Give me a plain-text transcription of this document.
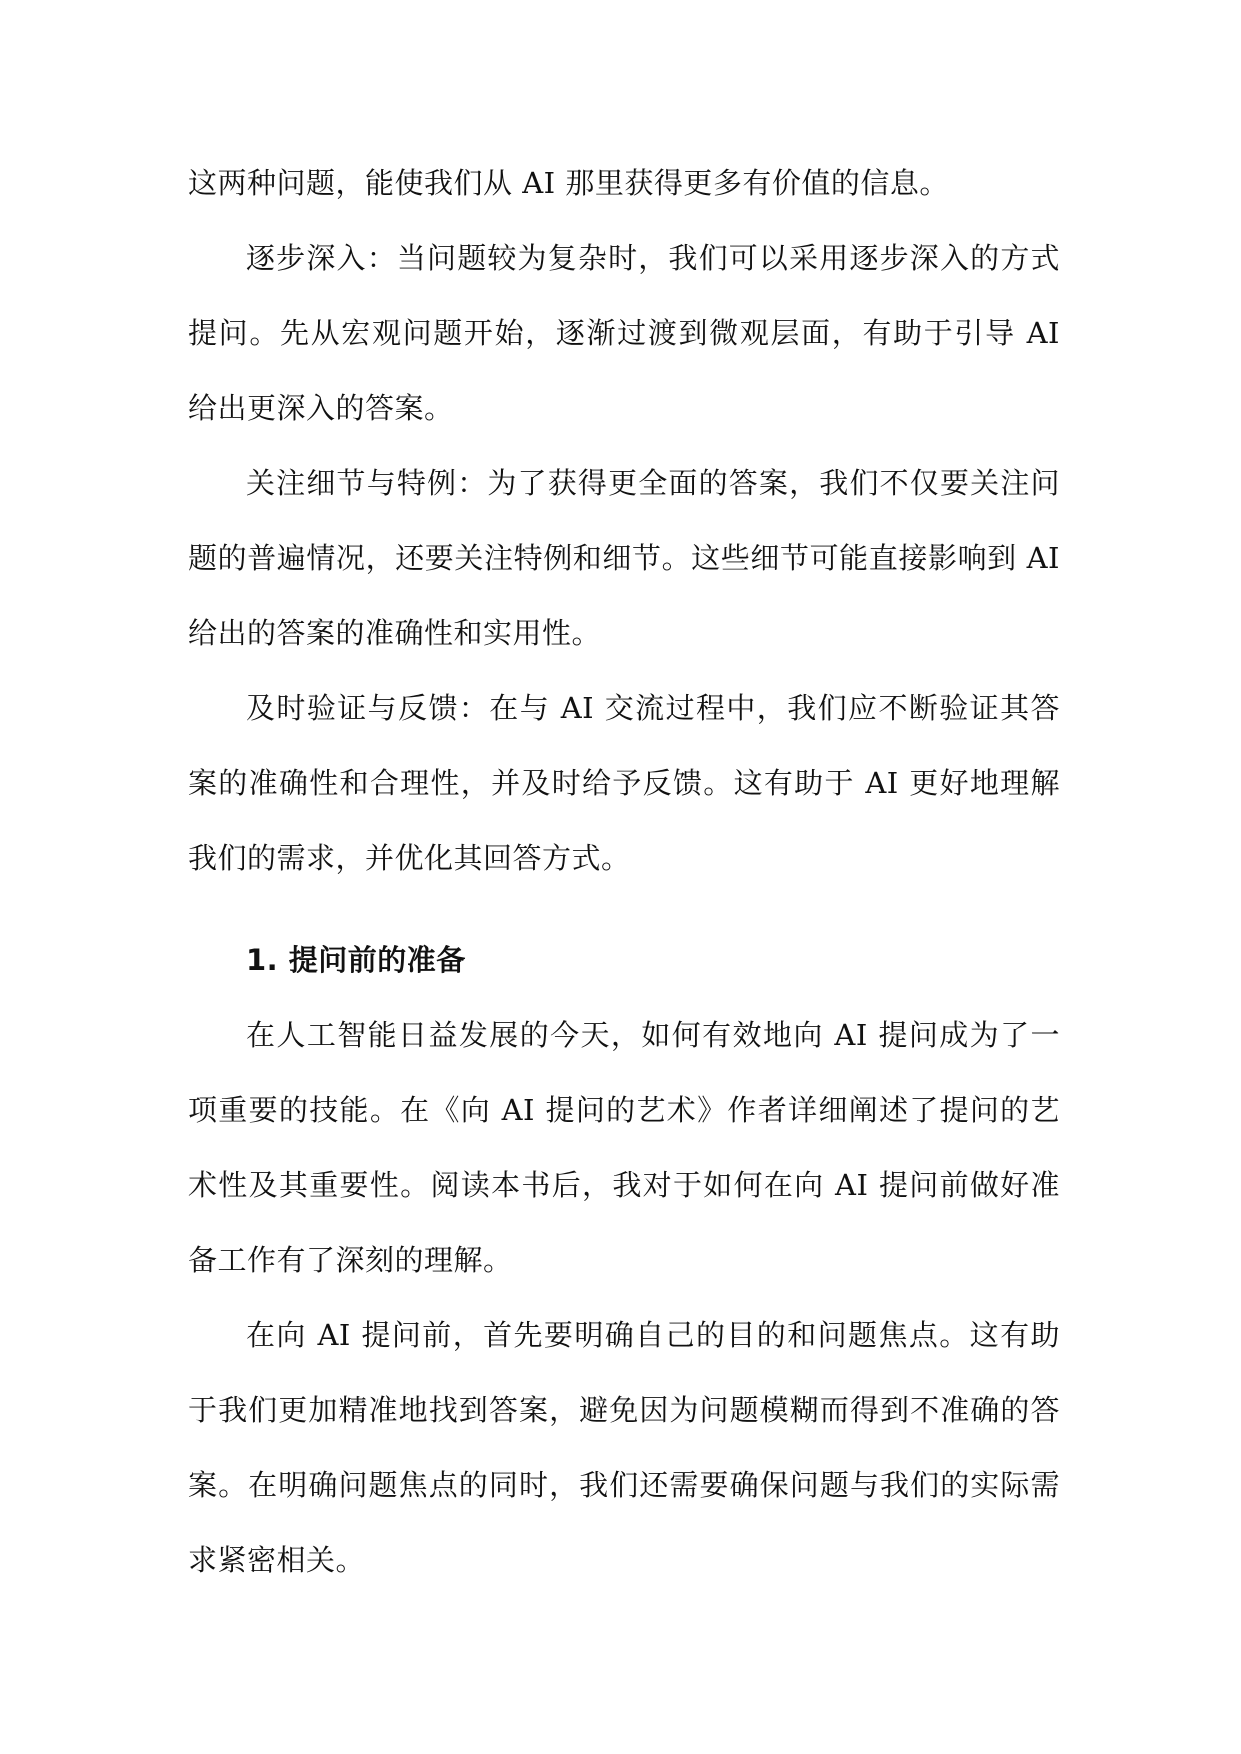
这两种问题，能使我们从 AI 那里获得更多有价值的信息。

逐步深入：当问题较为复杂时，我们可以采用逐步深入的方式提问。先从宏观问题开始，逐渐过渡到微观层面，有助于引导 AI 给出更深入的答案。

关注细节与特例：为了获得更全面的答案，我们不仅要关注问题的普遍情况，还要关注特例和细节。这些细节可能直接影响到 AI 给出的答案的准确性和实用性。

及时验证与反馈：在与 AI 交流过程中，我们应不断验证其答案的准确性和合理性，并及时给予反馈。这有助于 AI 更好地理解我们的需求，并优化其回答方式。

1. 提问前的准备

在人工智能日益发展的今天，如何有效地向 AI 提问成为了一项重要的技能。在《向 AI 提问的艺术》作者详细阐述了提问的艺术性及其重要性。阅读本书后，我对于如何在向 AI 提问前做好准备工作有了深刻的理解。

在向 AI 提问前，首先要明确自己的目的和问题焦点。这有助于我们更加精准地找到答案，避免因为问题模糊而得到不准确的答案。在明确问题焦点的同时，我们还需要确保问题与我们的实际需求紧密相关。
